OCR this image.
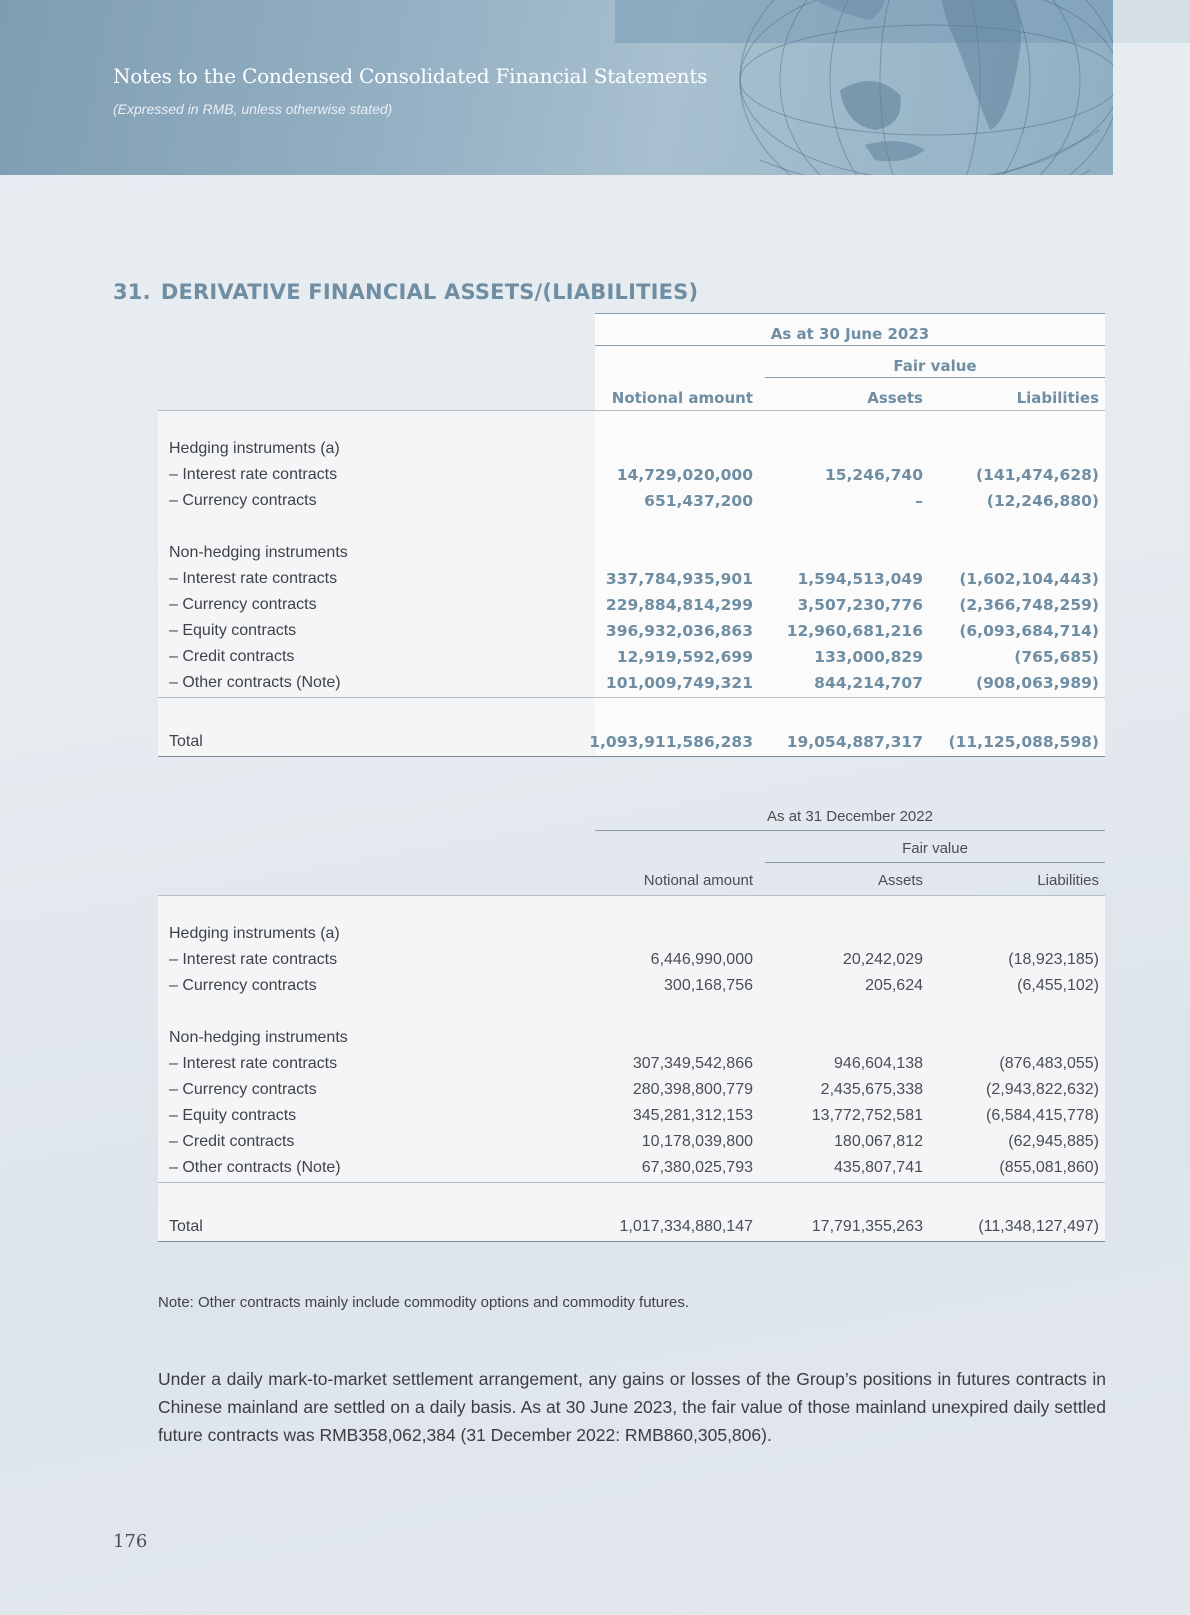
Notes to the Condensed Consolidated Financial Statements
(Expressed in RMB, unless otherwise stated)
31. DERIVATIVE FINANCIAL ASSETS/(LIABILITIES)
As at 30 June 2023
Fair value
Notional amount	Assets	Liabilities
Hedging instruments (a)
– Interest rate contracts	14,729,020,000	15,246,740	(141,474,628)
– Currency contracts	651,437,200	–	(12,246,880)
Non-hedging instruments
– Interest rate contracts	337,784,935,901	1,594,513,049 (1,602,104,443)
– Currency contracts	229,884,814,299	3,507,230,776 (2,366,748,259)
– Equity contracts	396,932,036,863 12,960,681,216 (6,093,684,714)
– Credit contracts	12,919,592,699	133,000,829	(765,685)
– Other contracts (Note)	101,009,749,321	844,214,707	(908,063,989)
Total	1,093,911,586,283 19,054,887,317 (11,125,088,598)
As at 31 December 2022
Fair value
Notional amount	Assets	Liabilities
Hedging instruments (a)
– Interest rate contracts	6,446,990,000	20,242,029	(18,923,185)
– Currency contracts	300,168,756	205,624	(6,455,102)
Non-hedging instruments
– Interest rate contracts	307,349,542,866	946,604,138	(876,483,055)
– Currency contracts	280,398,800,779	2,435,675,338	(2,943,822,632)
– Equity contracts	345,281,312,153	13,772,752,581	(6,584,415,778)
– Credit contracts	10,178,039,800	180,067,812	(62,945,885)
– Other contracts (Note)	67,380,025,793	435,807,741	(855,081,860)
Total	1,017,334,880,147	17,791,355,263	(11,348,127,497)
Note: Other contracts mainly include commodity options and commodity futures.
Under a daily mark-to-market settlement arrangement, any gains or losses of the Group’s positions in futures contracts in Chinese mainland are settled on a daily basis. As at 30 June 2023, the fair value of those mainland unexpired daily settled future contracts was RMB358,062,384 (31 December 2022: RMB860,305,806).
176
